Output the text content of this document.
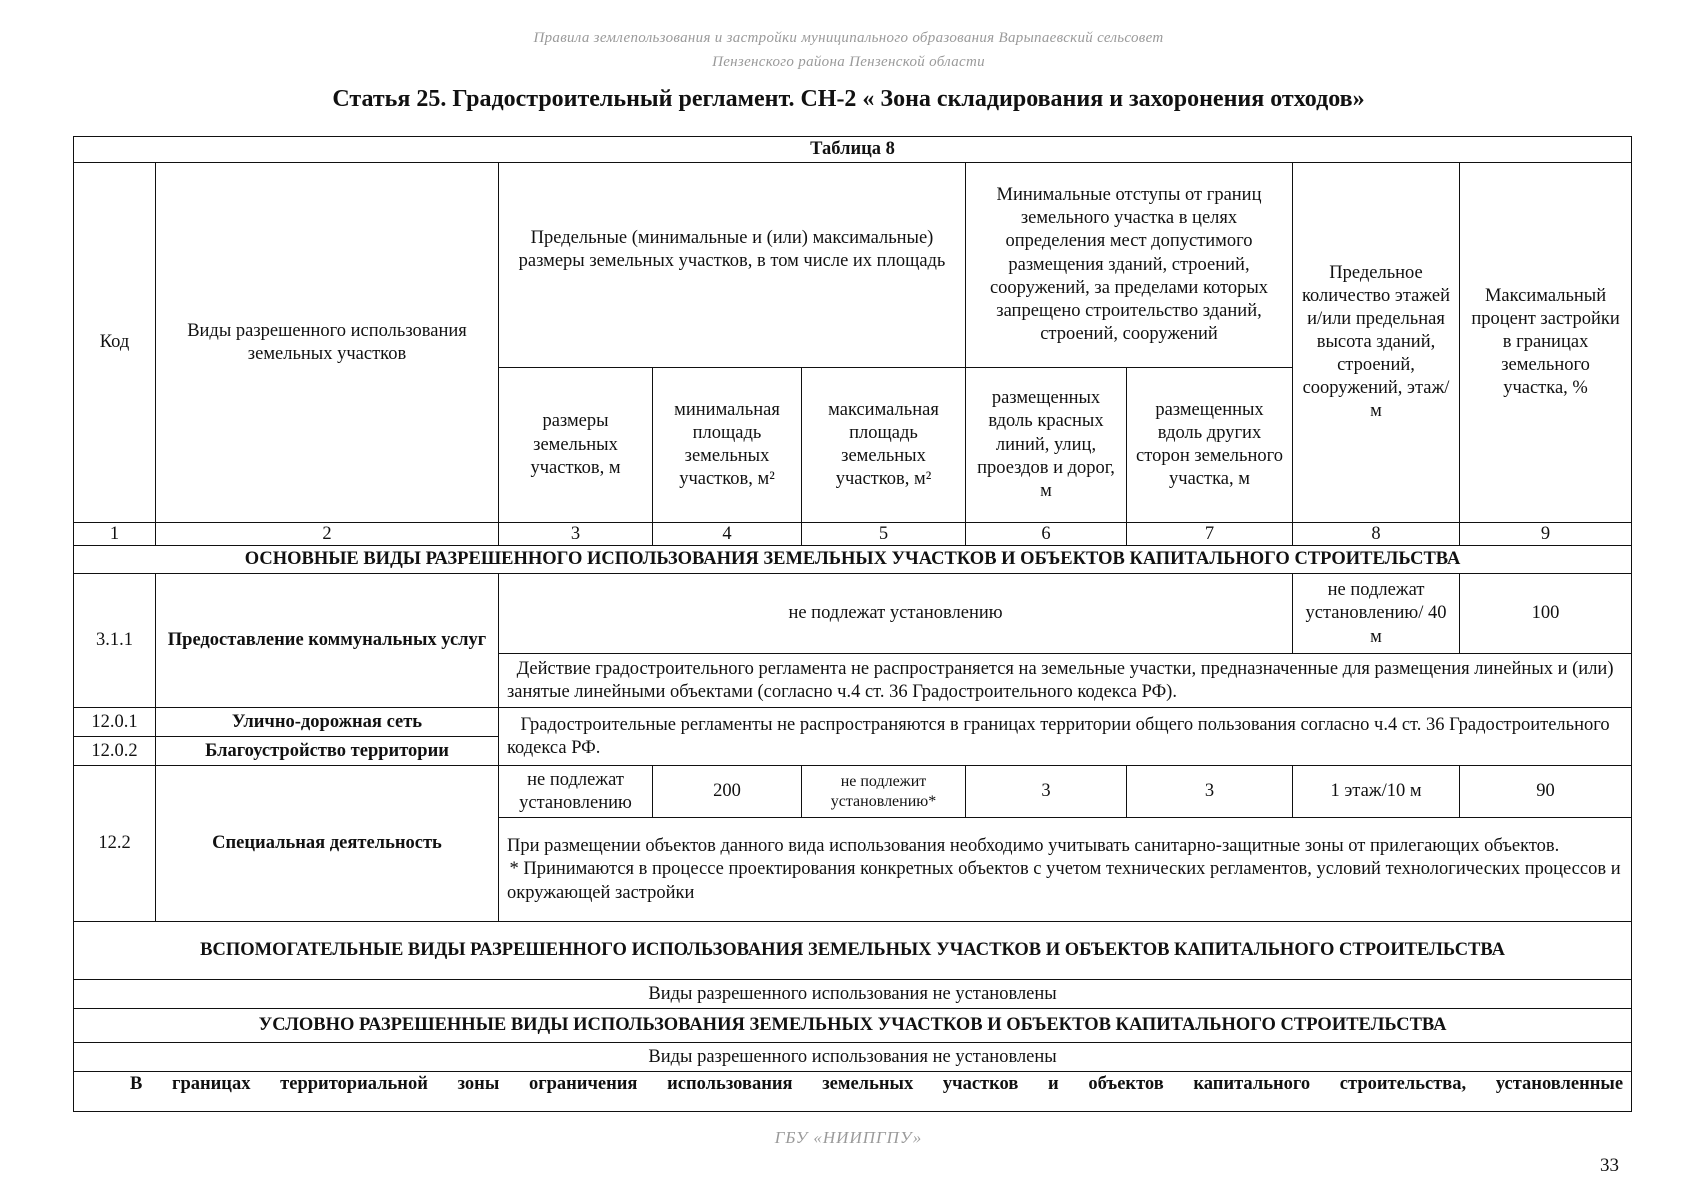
Правила землепользования и застройки муниципального образования Варыпаевский сельсовет
Пензенского района Пензенской области
Статья 25. Градостроительный регламент. СН-2 « Зона складирования и захоронения отходов»
Таблица 8								
Код	Виды разрешенного использования земельных участков	Предельные (минимальные и (или) максимальные) размеры земельных участков, в том числе их площадь			Минимальные отступы от границ земельного участка в целях определения мест допустимого размещения зданий, строений, сооружений, за пределами которых запрещено строительство зданий, строений, сооружений		Предельное количество этажей и/или предельная высота зданий, строений, сооружений, этаж/м	Максимальный процент застройки в границах земельного участка, %
		размеры земельных участков, м	минимальная площадь земельных участков, м²	максимальная площадь земельных участков, м²	размещенных вдоль красных линий, улиц, проездов и дорог, м	размещенных вдоль других сторон земельного участка, м		
1	2	3	4	5	6	7	8	9
ОСНОВНЫЕ ВИДЫ РАЗРЕШЕННОГО ИСПОЛЬЗОВАНИЯ ЗЕМЕЛЬНЫХ УЧАСТКОВ И ОБЪЕКТОВ КАПИТАЛЬНОГО СТРОИТЕЛЬСТВА								
3.1.1	Предоставление коммунальных услуг	не подлежат установлению					не подлежат установлению/ 40 м	100
		Действие градостроительного регламента не распространяется на земельные участки, предназначенные для размещения линейных и (или) занятые линейными объектами (согласно ч.4 ст. 36 Градостроительного кодекса РФ).						
12.0.1	Улично-дорожная сеть	Градостроительные регламенты не распространяются в границах территории общего пользования согласно ч.4 ст. 36 Градостроительного кодекса РФ.						
12.0.2	Благоустройство территории							
12.2	Специальная деятельность	не подлежат установлению	200	не подлежит установлению*	3	3	1 этаж/10 м	90

		При размещении объектов данного вида использования необходимо учитывать санитарно-защитные зоны от прилегающих объектов.
* Принимаются в процессе проектирования конкретных объектов с учетом технических регламентов, условий технологических процессов и окружающей застройки						

ВСПОМОГАТЕЛЬНЫЕ ВИДЫ РАЗРЕШЕННОГО ИСПОЛЬЗОВАНИЯ ЗЕМЕЛЬНЫХ УЧАСТКОВ И ОБЪЕКТОВ КАПИТАЛЬНОГО СТРОИТЕЛЬСТВА								
Виды разрешенного использования не установлены								
УСЛОВНО РАЗРЕШЕННЫЕ ВИДЫ ИСПОЛЬЗОВАНИЯ ЗЕМЕЛЬНЫХ УЧАСТКОВ И ОБЪЕКТОВ КАПИТАЛЬНОГО СТРОИТЕЛЬСТВА								
Виды разрешенного использования не установлены								
В границах территориальной зоны ограничения использования земельных участков и объектов капитального строительства, установленные								
ГБУ «НИИПГПУ»
33
